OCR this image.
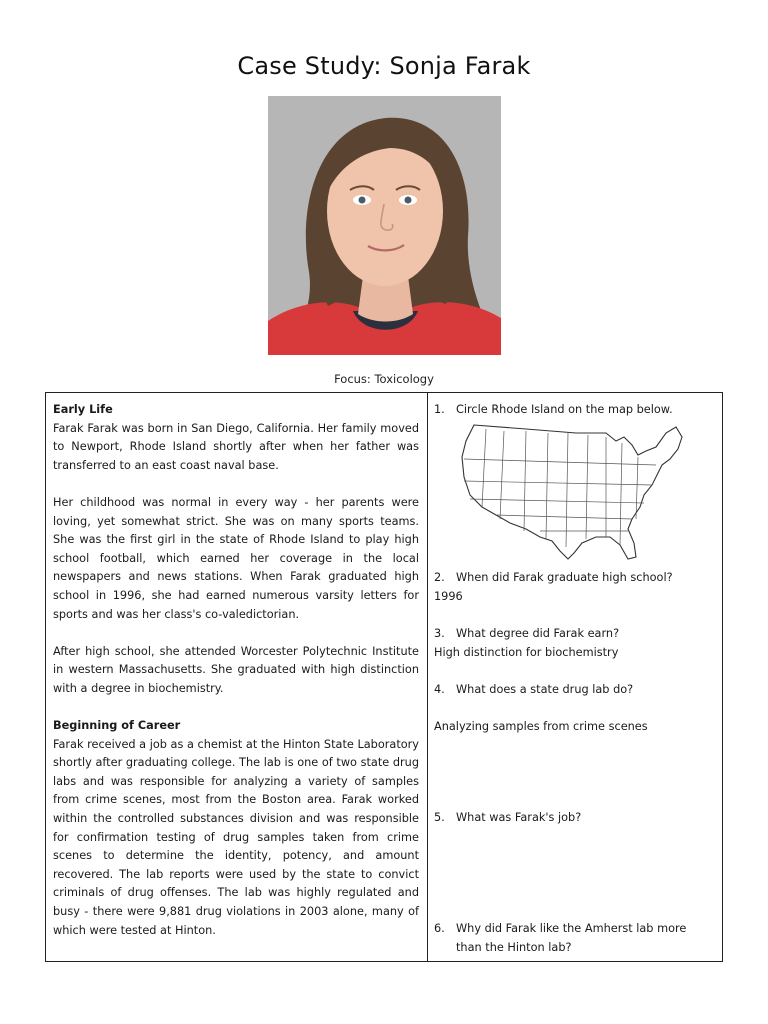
Case Study: Sonja Farak
Focus: Toxicology
Early Life

Farak Farak was born in San Diego, California. Her family moved to Newport, Rhode Island shortly after when her father was transferred to an east coast naval base.

Her childhood was normal in every way - her parents were loving, yet somewhat strict. She was on many sports teams. She was the first girl in the state of Rhode Island to play high school football, which earned her coverage in the local newspapers and news stations. When Farak graduated high school in 1996, she had earned numerous varsity letters for sports and was her class's co-valedictorian.

After high school, she attended Worcester Polytechnic Institute in western Massachusetts. She graduated with high distinction with a degree in biochemistry.

Beginning of Career

Farak received a job as a chemist at the Hinton State Laboratory shortly after graduating college. The lab is one of two state drug labs and was responsible for analyzing a variety of samples from crime scenes, most from the Boston area. Farak worked within the controlled substances division and was responsible for confirmation testing of drug samples taken from crime scenes to determine the identity, potency, and amount recovered. The lab reports were used by the state to convict criminals of drug offenses. The lab was highly regulated and busy - there were 9,881 drug violations in 2003 alone, many of which were tested at Hinton.

1. Circle Rhode Island on the map below.
2. When did Farak graduate high school?
1996
3. What degree did Farak earn?
High distinction for biochemistry
4. What does a state drug lab do?
Analyzing samples from crime scenes
5. What was Farak's job?
6. Why did Farak like the Amherst lab more than the Hinton lab?
